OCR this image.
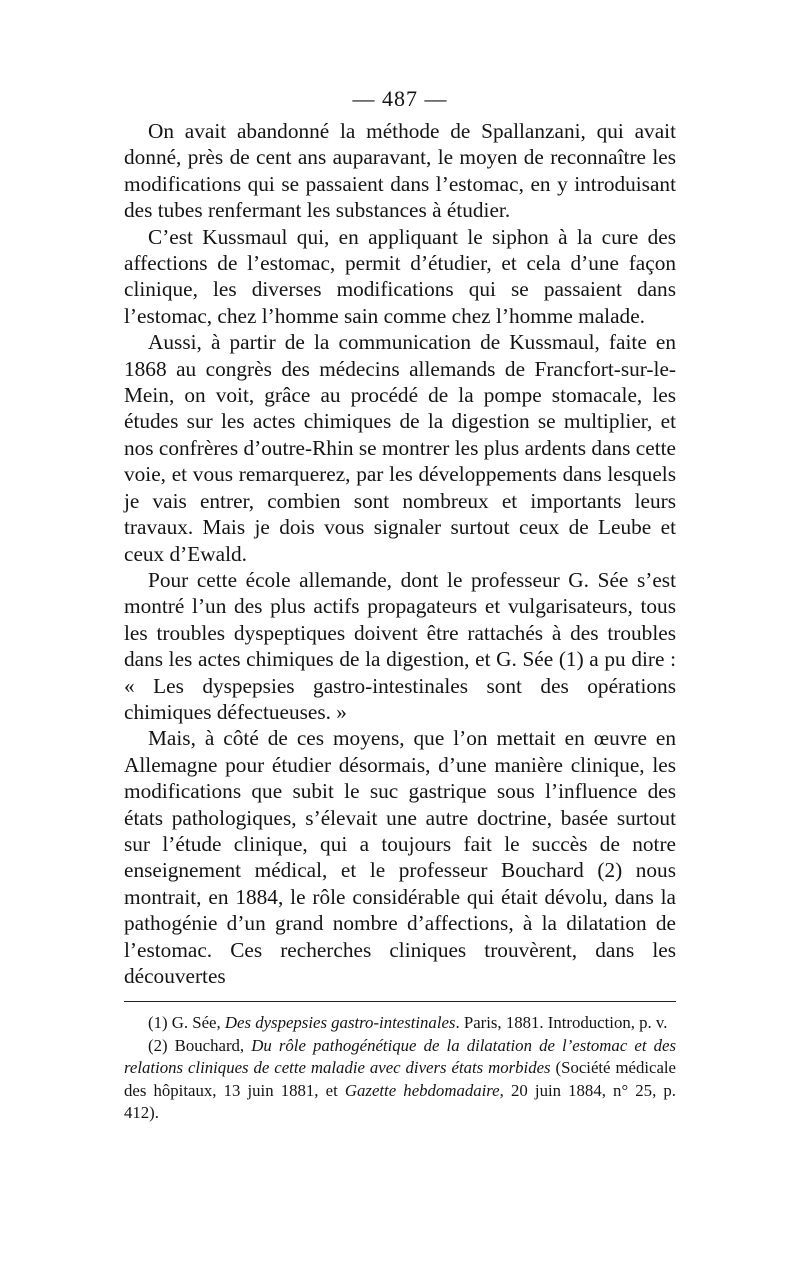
— 487 —

On avait abandonné la méthode de Spallanzani, qui avait donné, près de cent ans auparavant, le moyen de reconnaître les modifications qui se passaient dans l’estomac, en y introduisant des tubes renfermant les substances à étudier.

C’est Kussmaul qui, en appliquant le siphon à la cure des affections de l’estomac, permit d’étudier, et cela d’une façon clinique, les diverses modifications qui se passaient dans l’estomac, chez l’homme sain comme chez l’homme malade.

Aussi, à partir de la communication de Kussmaul, faite en 1868 au congrès des médecins allemands de Francfort-sur-le-Mein, on voit, grâce au procédé de la pompe stomacale, les études sur les actes chimiques de la digestion se multiplier, et nos confrères d’outre-Rhin se montrer les plus ardents dans cette voie, et vous remarquerez, par les développements dans lesquels je vais entrer, combien sont nombreux et importants leurs travaux. Mais je dois vous signaler surtout ceux de Leube et ceux d’Ewald.

Pour cette école allemande, dont le professeur G. Sée s’est montré l’un des plus actifs propagateurs et vulgarisateurs, tous les troubles dyspeptiques doivent être rattachés à des troubles dans les actes chimiques de la digestion, et G. Sée (1) a pu dire : « Les dyspepsies gastro-intestinales sont des opérations chimiques défectueuses. »

Mais, à côté de ces moyens, que l’on mettait en œuvre en Allemagne pour étudier désormais, d’une manière clinique, les modifications que subit le suc gastrique sous l’influence des états pathologiques, s’élevait une autre doctrine, basée surtout sur l’étude clinique, qui a toujours fait le succès de notre enseignement médical, et le professeur Bouchard (2) nous montrait, en 1884, le rôle considérable qui était dévolu, dans la pathogénie d’un grand nombre d’affections, à la dilatation de l’estomac. Ces recherches cliniques trouvèrent, dans les découvertes

(1) G. Sée, Des dyspepsies gastro-intestinales. Paris, 1881. Introduction, p. v.

(2) Bouchard, Du rôle pathogénétique de la dilatation de l’estomac et des relations cliniques de cette maladie avec divers états morbides (Société médicale des hôpitaux, 13 juin 1881, et Gazette hebdomadaire, 20 juin 1884, n° 25, p. 412).
